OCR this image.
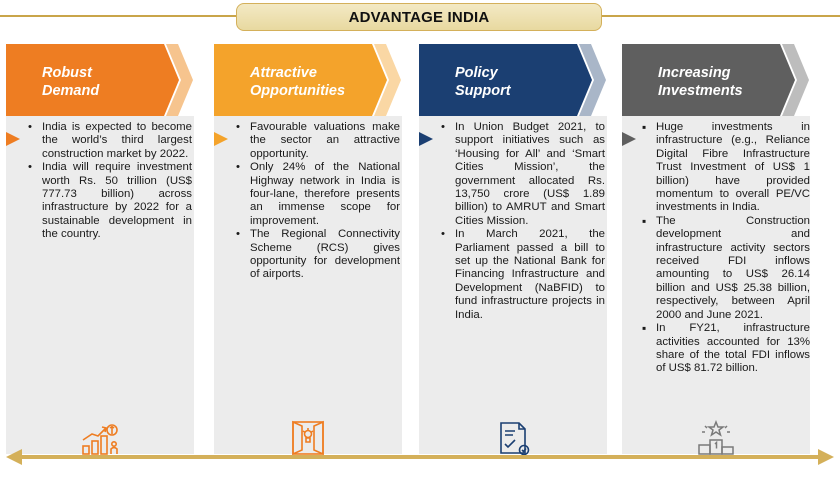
ADVANTAGE INDIA
Robust
Demand
• India is expected to become the world’s third largest construction market by 2022.
• India will require investment worth Rs. 50 trillion (US$ 777.73 billion) across infrastructure by 2022 for a sustainable development in the country.
Attractive
Opportunities
• Favourable valuations make the sector an attractive opportunity.
• Only 24% of the National Highway network in India is four-lane, therefore presents an immense scope for improvement.
• The Regional Connectivity Scheme (RCS) gives opportunity for development of airports.
Policy
Support
• In Union Budget 2021, to support initiatives such as ‘Housing for All’ and ‘Smart Cities Mission’, the government allocated Rs. 13,750 crore (US$ 1.89 billion) to AMRUT and Smart Cities Mission.
• In March 2021, the Parliament passed a bill to set up the National Bank for Financing Infrastructure and Development (NaBFID) to fund infrastructure projects in India.
Increasing
Investments
▪ Huge investments in infrastructure (e.g., Reliance Digital Fibre Infrastructure Trust Investment of US$ 1 billion) have provided momentum to overall PE/VC investments in India.
▪ The Construction development and infrastructure activity sectors received FDI inflows amounting to US$ 26.14 billion and US$ 25.38 billion, respectively, between April 2000 and June 2021.
▪ In FY21, infrastructure activities accounted for 13% share of the total FDI inflows of US$ 81.72 billion.
